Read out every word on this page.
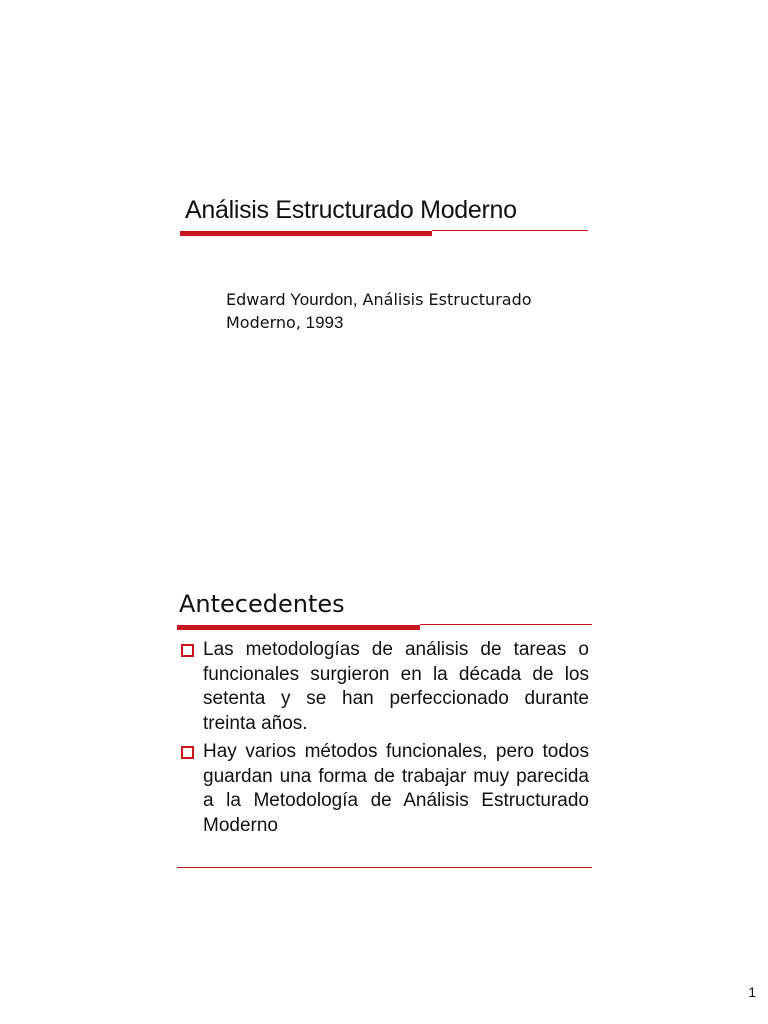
Análisis Estructurado Moderno
Edward Yourdon, Análisis Estructurado
Moderno, 1993
Antecedentes
Las metodologías de análisis de tareas o funcionales surgieron en la década de los setenta y se han perfeccionado durante treinta años.
Hay varios métodos funcionales, pero todos guardan una forma de trabajar muy parecida a la Metodología de Análisis Estructurado Moderno
1
